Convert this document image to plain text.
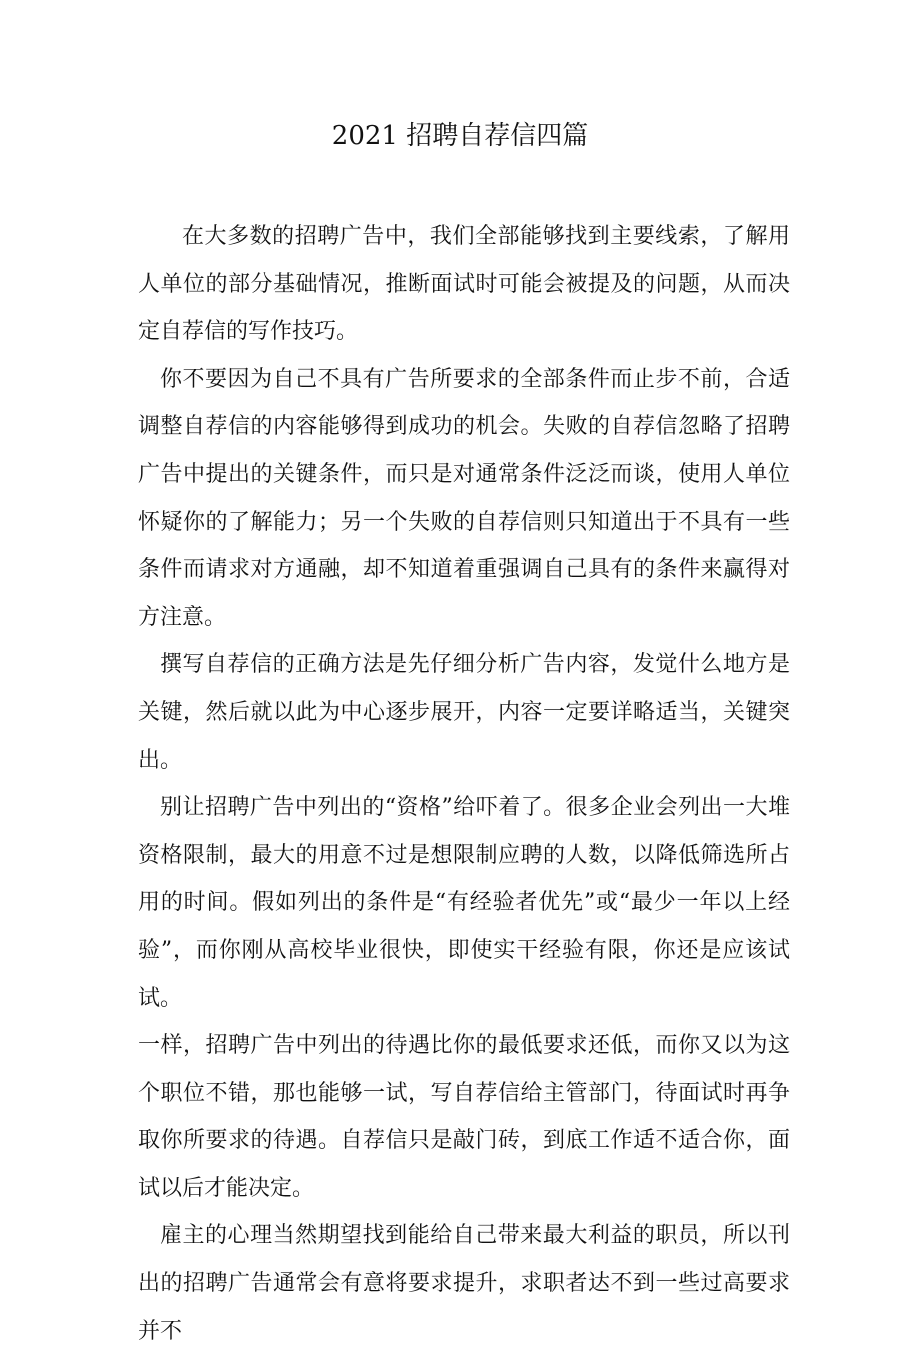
2021 招聘自荐信四篇

在大多数的招聘广告中，我们全部能够找到主要线索，了解用人单位的部分基础情况，推断面试时可能会被提及的问题，从而决定自荐信的写作技巧。

你不要因为自己不具有广告所要求的全部条件而止步不前，合适调整自荐信的内容能够得到成功的机会。失败的自荐信忽略了招聘广告中提出的关键条件，而只是对通常条件泛泛而谈，使用人单位怀疑你的了解能力；另一个失败的自荐信则只知道出于不具有一些条件而请求对方通融，却不知道着重强调自己具有的条件来赢得对方注意。

撰写自荐信的正确方法是先仔细分析广告内容，发觉什么地方是关键，然后就以此为中心逐步展开，内容一定要详略适当，关键突出。

别让招聘广告中列出的“资格”给吓着了。很多企业会列出一大堆资格限制，最大的用意不过是想限制应聘的人数，以降低筛选所占用的时间。假如列出的条件是“有经验者优先”或“最少一年以上经验”，而你刚从高校毕业很快，即使实干经验有限，你还是应该试试。

一样，招聘广告中列出的待遇比你的最低要求还低，而你又以为这个职位不错，那也能够一试，写自荐信给主管部门，待面试时再争取你所要求的待遇。自荐信只是敲门砖，到底工作适不适合你，面试以后才能决定。

雇主的心理当然期望找到能给自己带来最大利益的职员，所以刊出的招聘广告通常会有意将要求提升，求职者达不到一些过高要求并不
